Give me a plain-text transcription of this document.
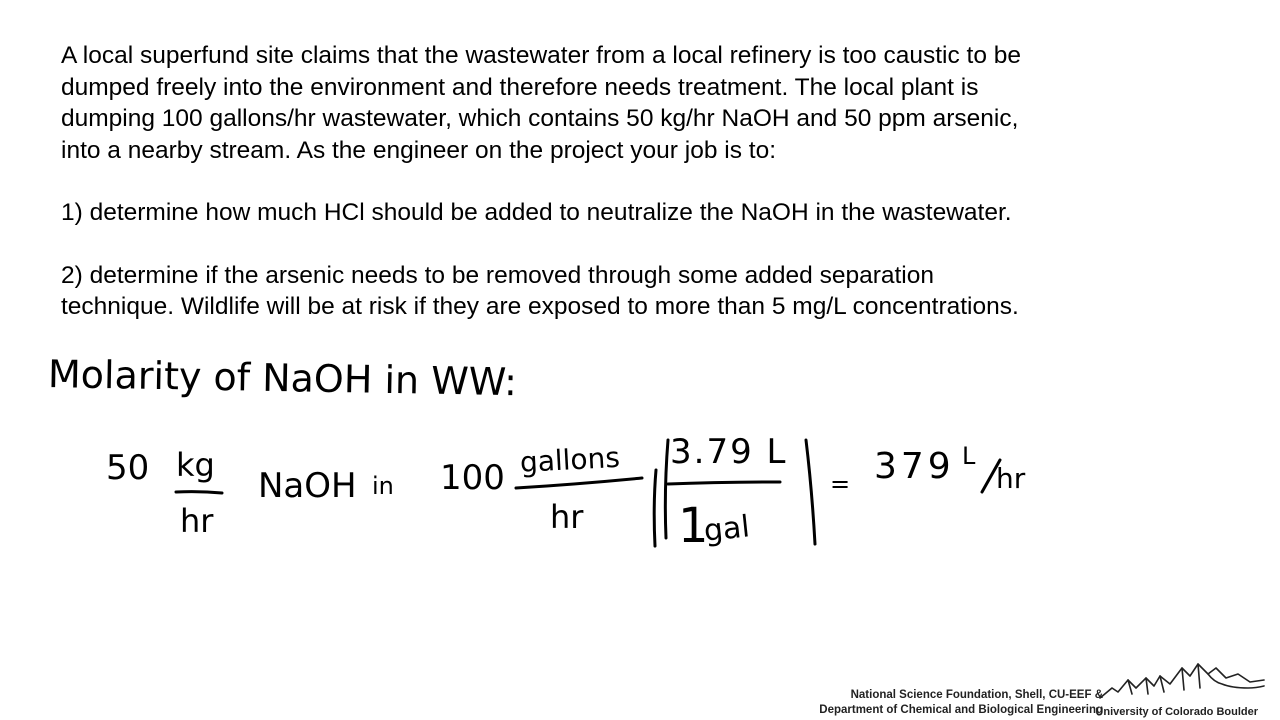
A local superfund site claims that the wastewater from a local refinery is too caustic to be
dumped freely into the environment and therefore needs treatment. The local plant is
dumping 100 gallons/hr wastewater, which contains 50 kg/hr NaOH and 50 ppm arsenic,
into a nearby stream. As the engineer on the project your job is to:

1) determine how much HCl should be added to neutralize the NaOH in the wastewater.

2) determine if the arsenic needs to be removed through some added separation
technique. Wildlife will be at risk if they are exposed to more than 5 mg/L concentrations.

Molarity of NaOH in WW:
50 kg
hr
NaOH in 100 gallons
hr
3.79 L
1
gal
= 379 L
hr
National Science Foundation, Shell, CU-EEF &
Department of Chemical and Biological Engineering
University of Colorado Boulder
